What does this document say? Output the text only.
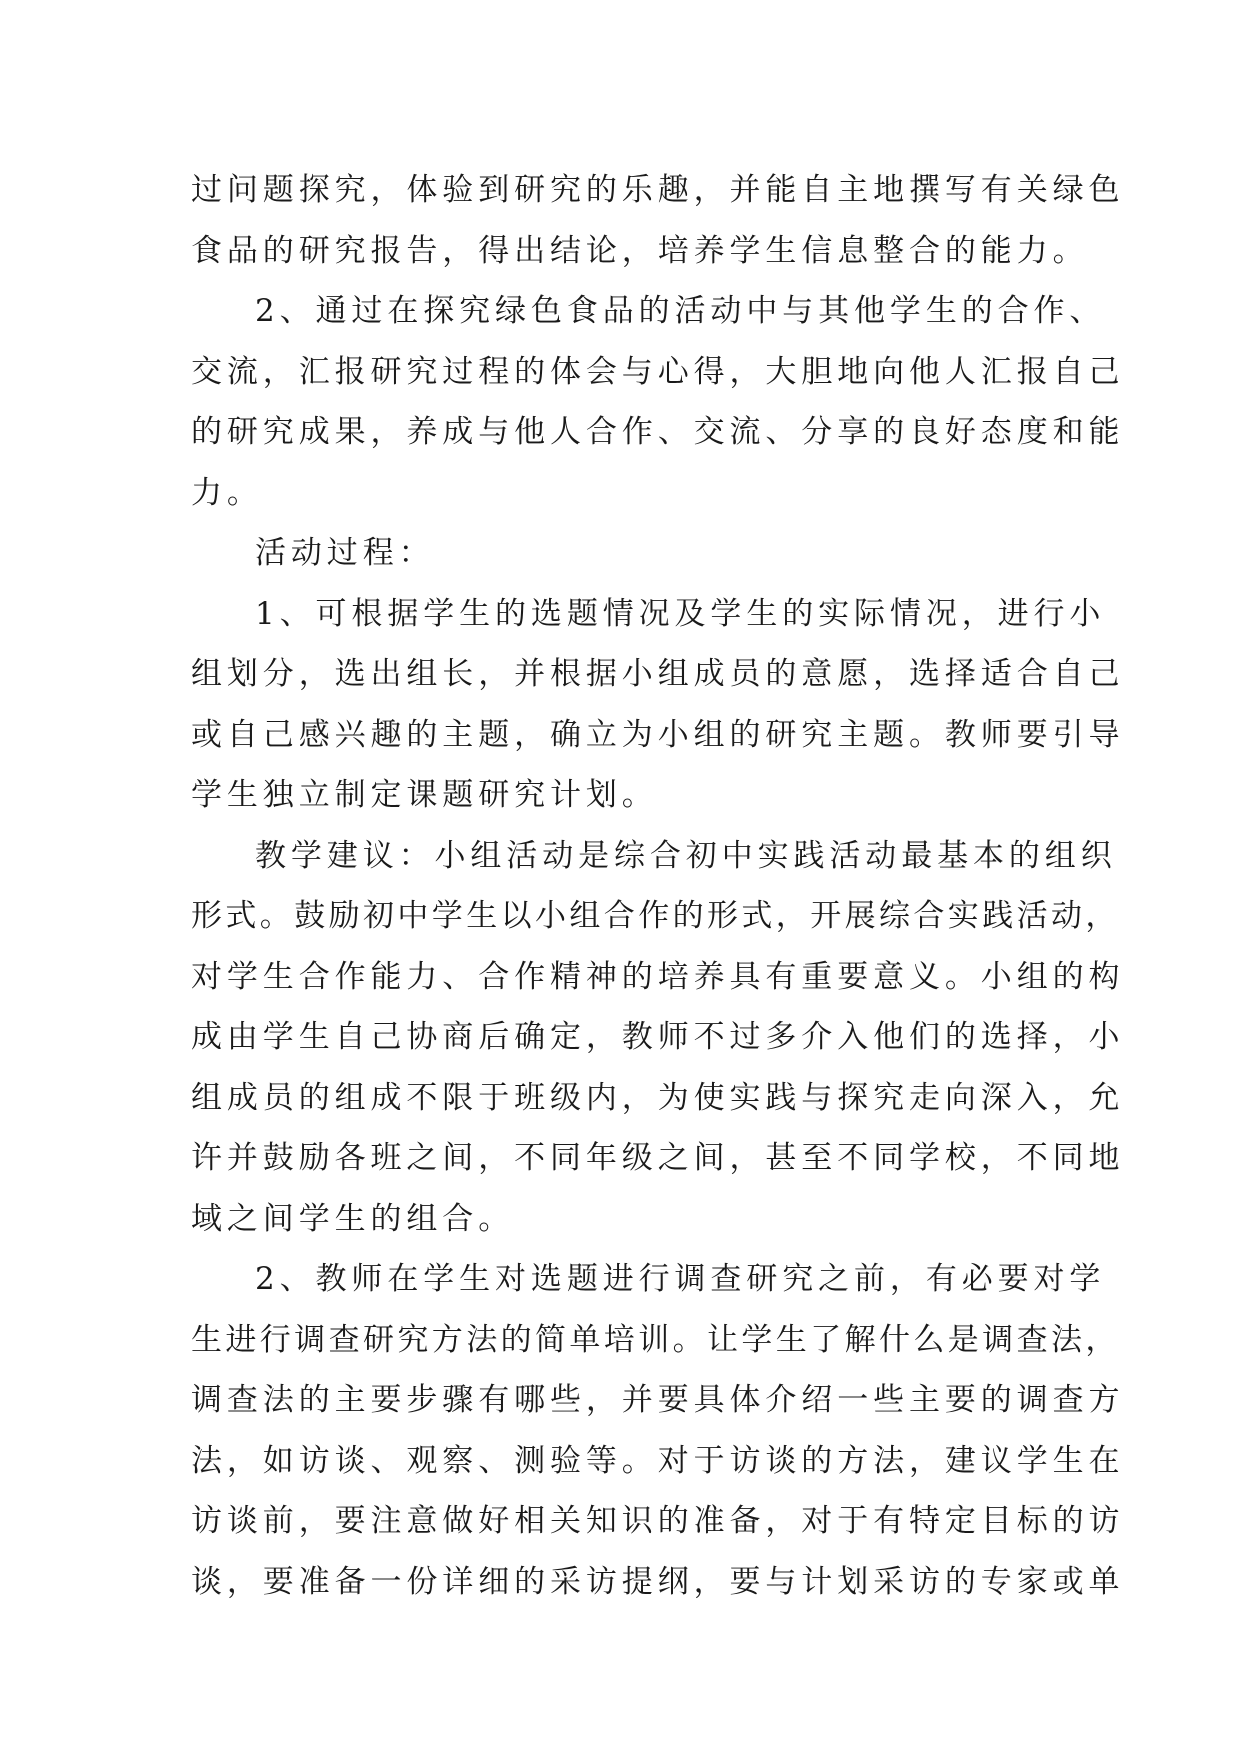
过问题探究，体验到研究的乐趣，并能自主地撰写有关绿色
食品的研究报告，得出结论，培养学生信息整合的能力。
2、通过在探究绿色食品的活动中与其他学生的合作、
交流，汇报研究过程的体会与心得，大胆地向他人汇报自己
的研究成果，养成与他人合作、交流、分享的良好态度和能
力。
活动过程：
1、可根据学生的选题情况及学生的实际情况，进行小
组划分，选出组长，并根据小组成员的意愿，选择适合自己
或自己感兴趣的主题，确立为小组的研究主题。教师要引导
学生独立制定课题研究计划。
教学建议：小组活动是综合初中实践活动最基本的组织
形式。鼓励初中学生以小组合作的形式，开展综合实践活动，
对学生合作能力、合作精神的培养具有重要意义。小组的构
成由学生自己协商后确定，教师不过多介入他们的选择，小
组成员的组成不限于班级内，为使实践与探究走向深入，允
许并鼓励各班之间，不同年级之间，甚至不同学校，不同地
域之间学生的组合。
2、教师在学生对选题进行调查研究之前，有必要对学
生进行调查研究方法的简单培训。让学生了解什么是调查法，
调查法的主要步骤有哪些，并要具体介绍一些主要的调查方
法，如访谈、观察、测验等。对于访谈的方法，建议学生在
访谈前，要注意做好相关知识的准备，对于有特定目标的访
谈，要准备一份详细的采访提纲，要与计划采访的专家或单
